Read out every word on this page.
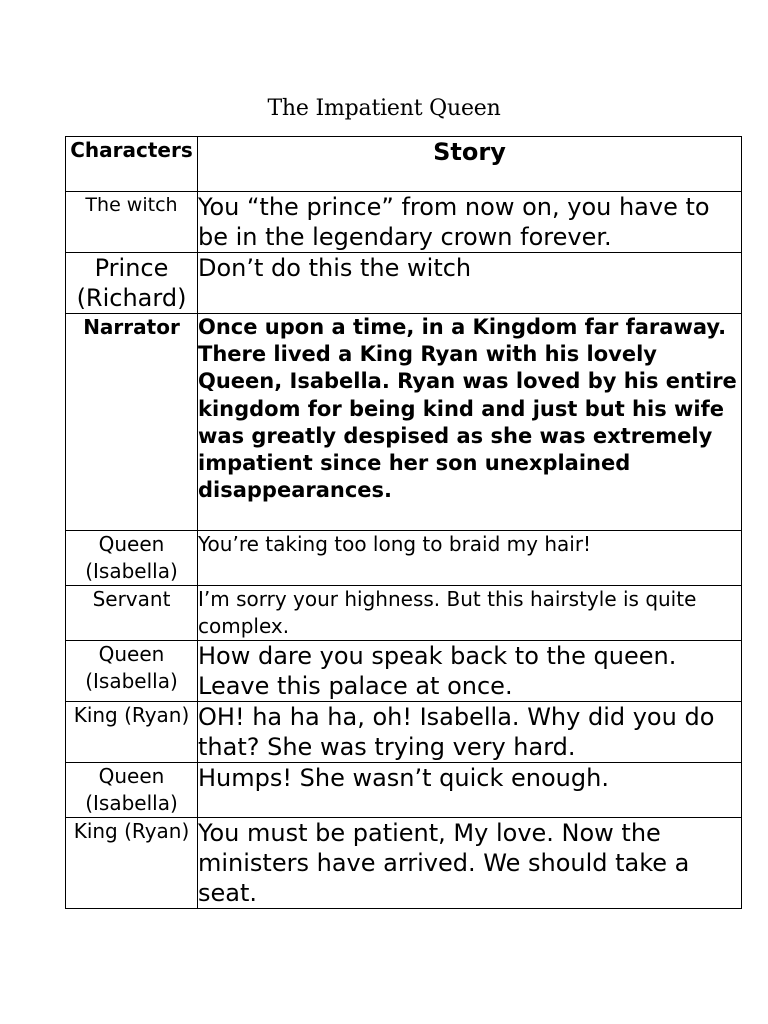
The Impatient Queen
Characters	Story
The witch	You “the prince” from now on, you have to be in the legendary crown forever.
Prince (Richard)	Don’t do this the witch
Narrator	Once upon a time, in a Kingdom far faraway. There lived a King Ryan with his lovely Queen, Isabella. Ryan was loved by his entire kingdom for being kind and just but his wife was greatly despised as she was extremely impatient since her son unexplained disappearances.
Queen (Isabella)	You’re taking too long to braid my hair!
Servant	I’m sorry your highness. But this hairstyle is quite complex.
Queen (Isabella)	How dare you speak back to the queen. Leave this palace at once.
King (Ryan)	OH! ha ha ha, oh! Isabella. Why did you do that? She was trying very hard.
Queen (Isabella)	Humps! She wasn’t quick enough.
King (Ryan)	You must be patient, My love. Now the ministers have arrived. We should take a seat.
